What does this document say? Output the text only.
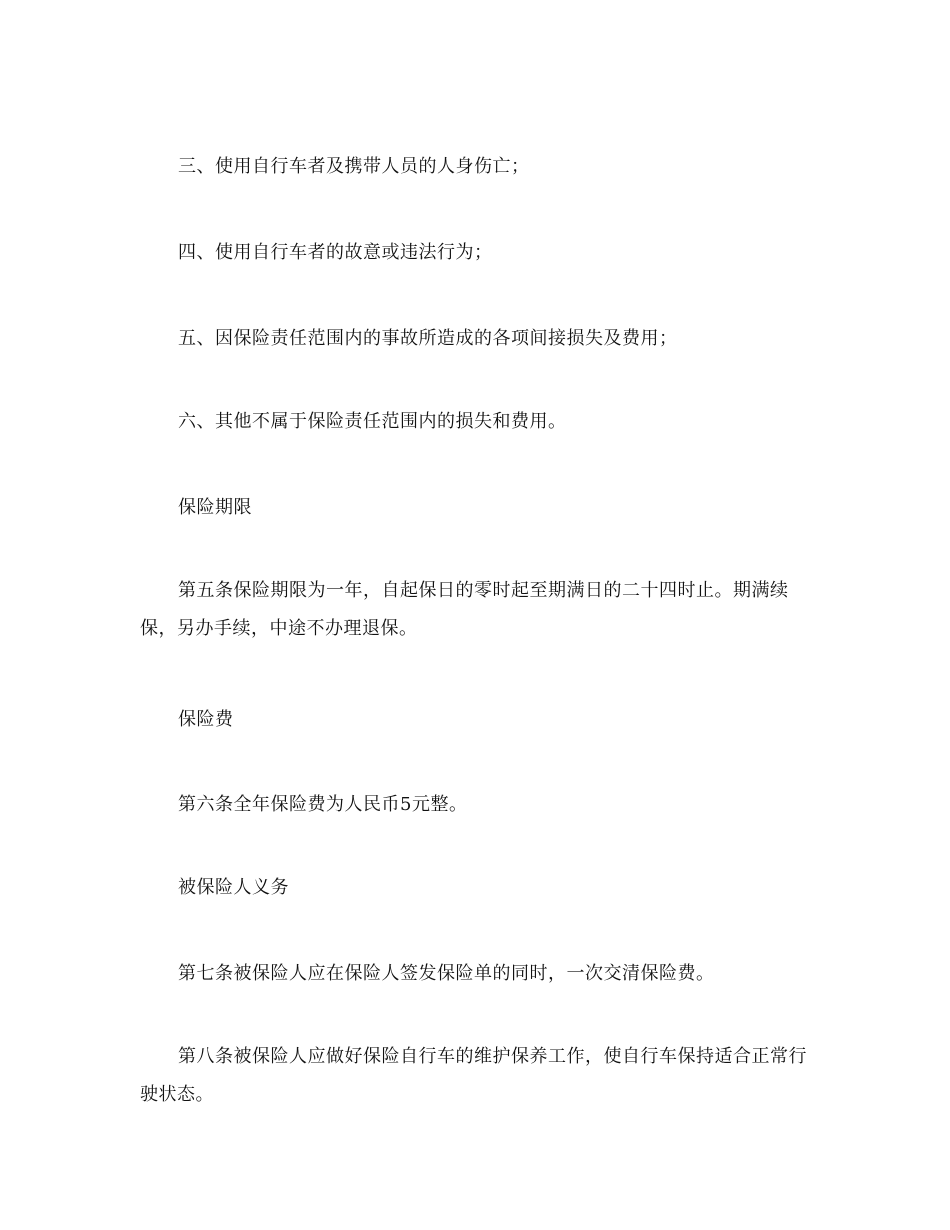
三、使用自行车者及携带人员的人身伤亡；

四、使用自行车者的故意或违法行为；

五、因保险责任范围内的事故所造成的各项间接损失及费用；

六、其他不属于保险责任范围内的损失和费用。

保险期限

第五条保险期限为一年，自起保日的零时起至期满日的二十四时止。期满续保，另办手续，中途不办理退保。

保险费

第六条全年保险费为人民币5元整。

被保险人义务

第七条被保险人应在保险人签发保险单的同时，一次交清保险费。

第八条被保险人应做好保险自行车的维护保养工作，使自行车保持适合正常行驶状态。
